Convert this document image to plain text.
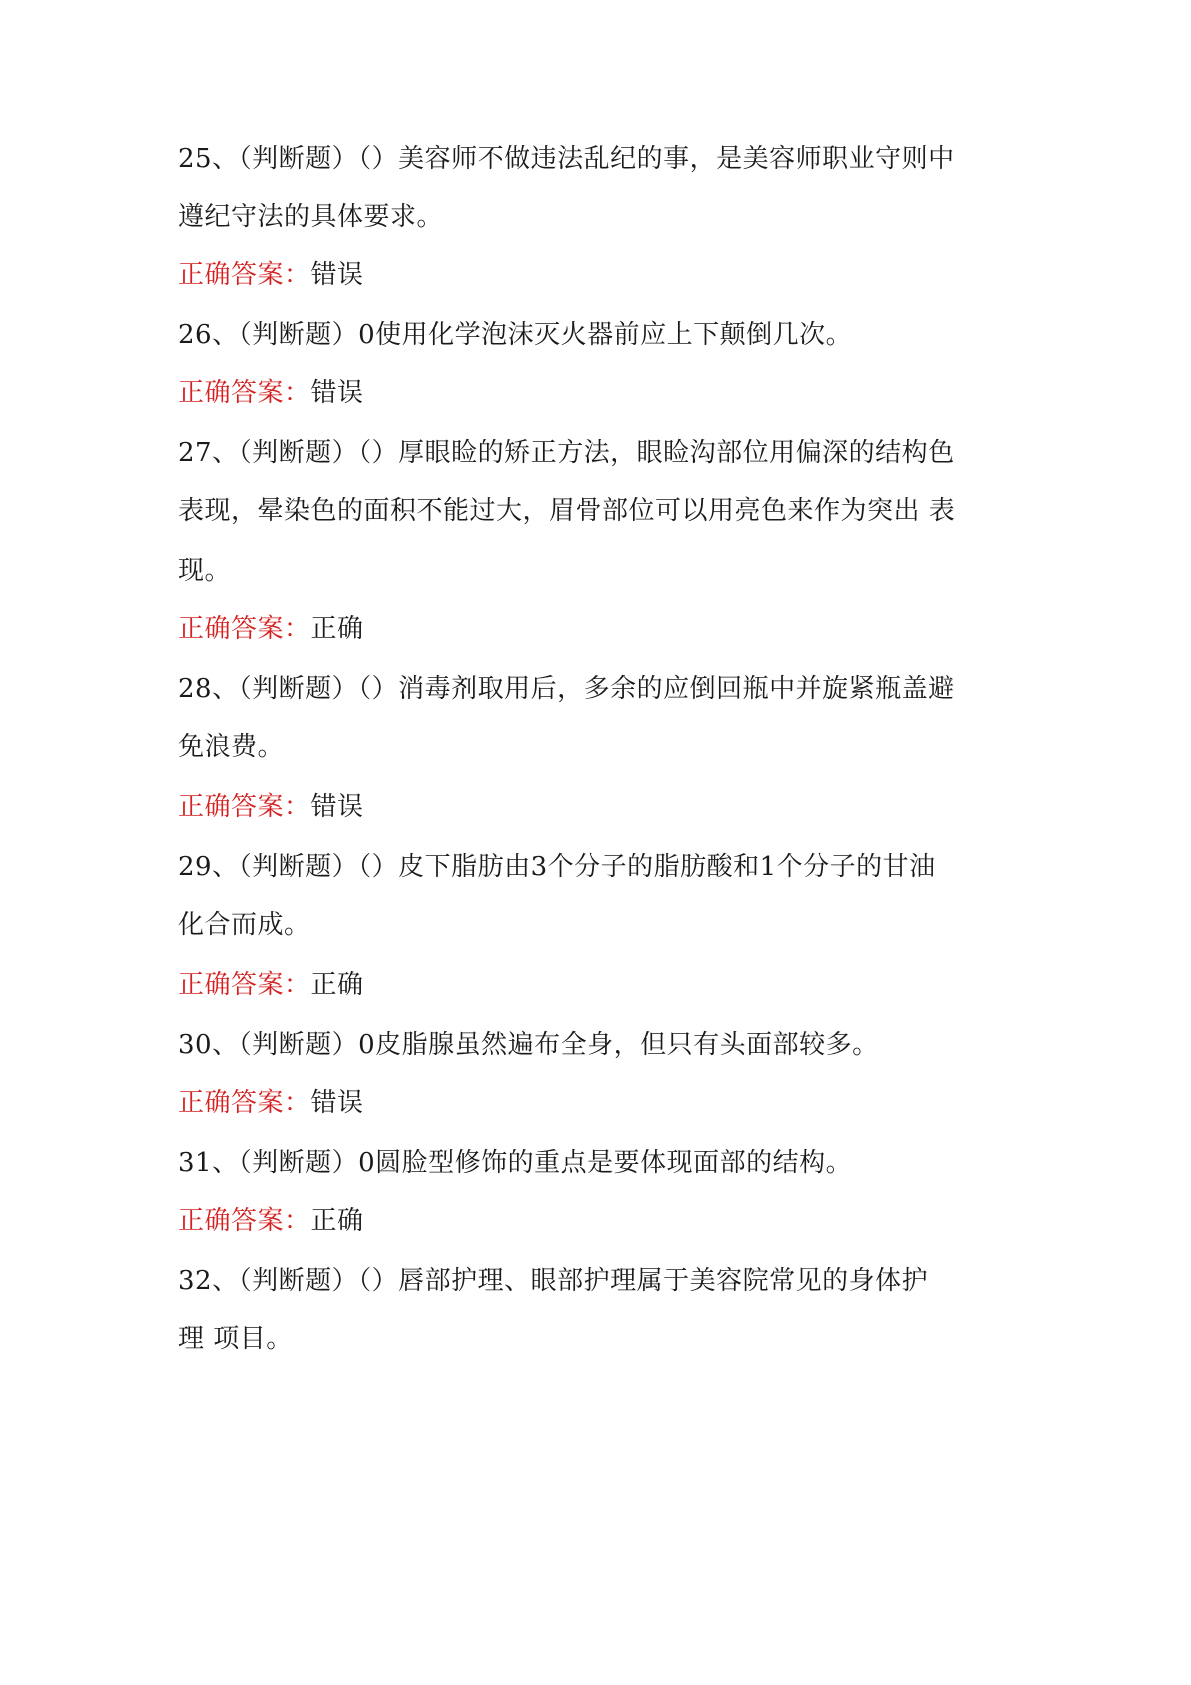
25、（判断题）（）美容师不做违法乱纪的事，是美容师职业守则中
遵纪守法的具体要求。
正确答案：错误
26、（判断题）0使用化学泡沫灭火器前应上下颠倒几次。
正确答案：错误
27、（判断题）（）厚眼睑的矫正方法，眼睑沟部位用偏深的结构色
表现，晕染色的面积不能过大，眉骨部位可以用亮色来作为突出 表
现。
正确答案：正确
28、（判断题）（）消毒剂取用后，多余的应倒回瓶中并旋紧瓶盖避
免浪费。
正确答案：错误
29、（判断题）（）皮下脂肪由3个分子的脂肪酸和1个分子的甘油
化合而成。
正确答案：正确
30、（判断题）0皮脂腺虽然遍布全身，但只有头面部较多。
正确答案：错误
31、（判断题）0圆脸型修饰的重点是要体现面部的结构。
正确答案：正确
32、（判断题）（）唇部护理、眼部护理属于美容院常见的身体护
理 项目。
